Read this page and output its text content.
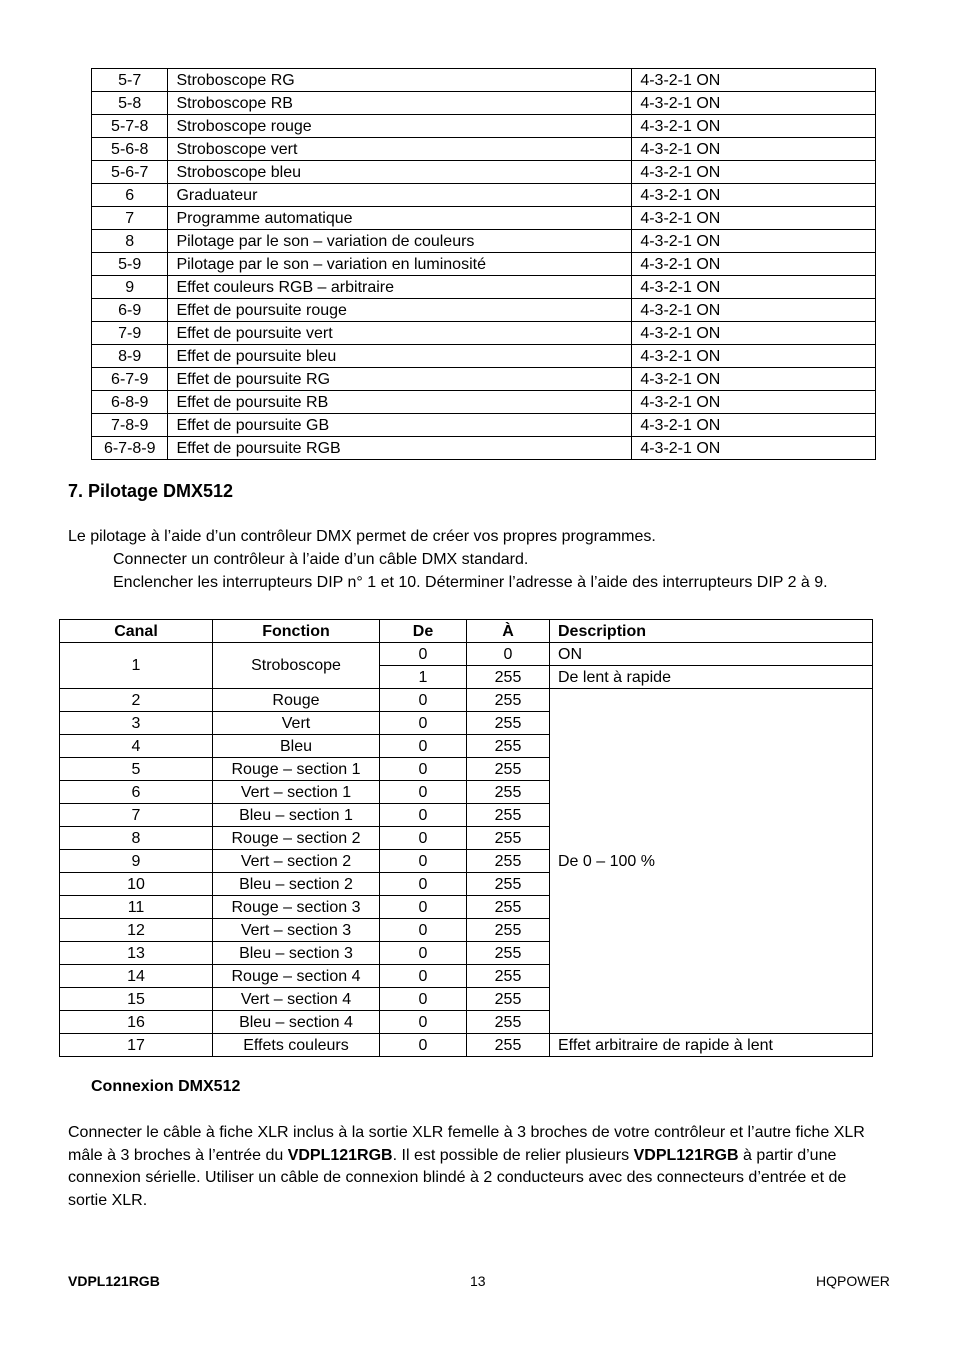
5-7	Stroboscope RG	4-3-2-1 ON
5-8	Stroboscope RB	4-3-2-1 ON
5-7-8	Stroboscope rouge	4-3-2-1 ON
5-6-8	Stroboscope vert	4-3-2-1 ON
5-6-7	Stroboscope bleu	4-3-2-1 ON
6	Graduateur	4-3-2-1 ON
7	Programme automatique	4-3-2-1 ON
8	Pilotage par le son – variation de couleurs	4-3-2-1 ON
5-9	Pilotage par le son – variation en luminosité	4-3-2-1 ON
9	Effet couleurs RGB – arbitraire	4-3-2-1 ON
6-9	Effet de poursuite rouge	4-3-2-1 ON
7-9	Effet de poursuite vert	4-3-2-1 ON
8-9	Effet de poursuite bleu	4-3-2-1 ON
6-7-9	Effet de poursuite RG	4-3-2-1 ON
6-8-9	Effet de poursuite RB	4-3-2-1 ON
7-8-9	Effet de poursuite GB	4-3-2-1 ON
6-7-8-9	Effet de poursuite RGB	4-3-2-1 ON
7. Pilotage DMX512
Le pilotage à l’aide d’un contrôleur DMX permet de créer vos propres programmes.
Connecter un contrôleur à l’aide d’un câble DMX standard.
Enclencher les interrupteurs DIP n° 1 et 10. Déterminer l’adresse à l’aide des interrupteurs DIP 2 à 9.
Canal	Fonction	De	À	Description
1	Stroboscope	0	0	ON
		1	255	De lent à rapide
2	Rouge	0	255	De 0 – 100 %
3	Vert	0	255	
4	Bleu	0	255	
5	Rouge – section 1	0	255	
6	Vert – section 1	0	255	
7	Bleu – section 1	0	255	
8	Rouge – section 2	0	255	
9	Vert – section 2	0	255	
10	Bleu – section 2	0	255	
11	Rouge – section 3	0	255	
12	Vert – section 3	0	255	
13	Bleu – section 3	0	255	
14	Rouge – section 4	0	255	
15	Vert – section 4	0	255	
16	Bleu – section 4	0	255	
17	Effets couleurs	0	255	Effet arbitraire de rapide à lent
Connexion DMX512
Connecter le câble à fiche XLR inclus à la sortie XLR femelle à 3 broches de votre contrôleur et l’autre fiche XLR mâle à 3 broches à l’entrée du VDPL121RGB. Il est possible de relier plusieurs VDPL121RGB à partir d’une connexion sérielle. Utiliser un câble de connexion blindé à 2 conducteurs avec des connecteurs d’entrée et de sortie XLR.
VDPL121RGB	13	HQPOWER
